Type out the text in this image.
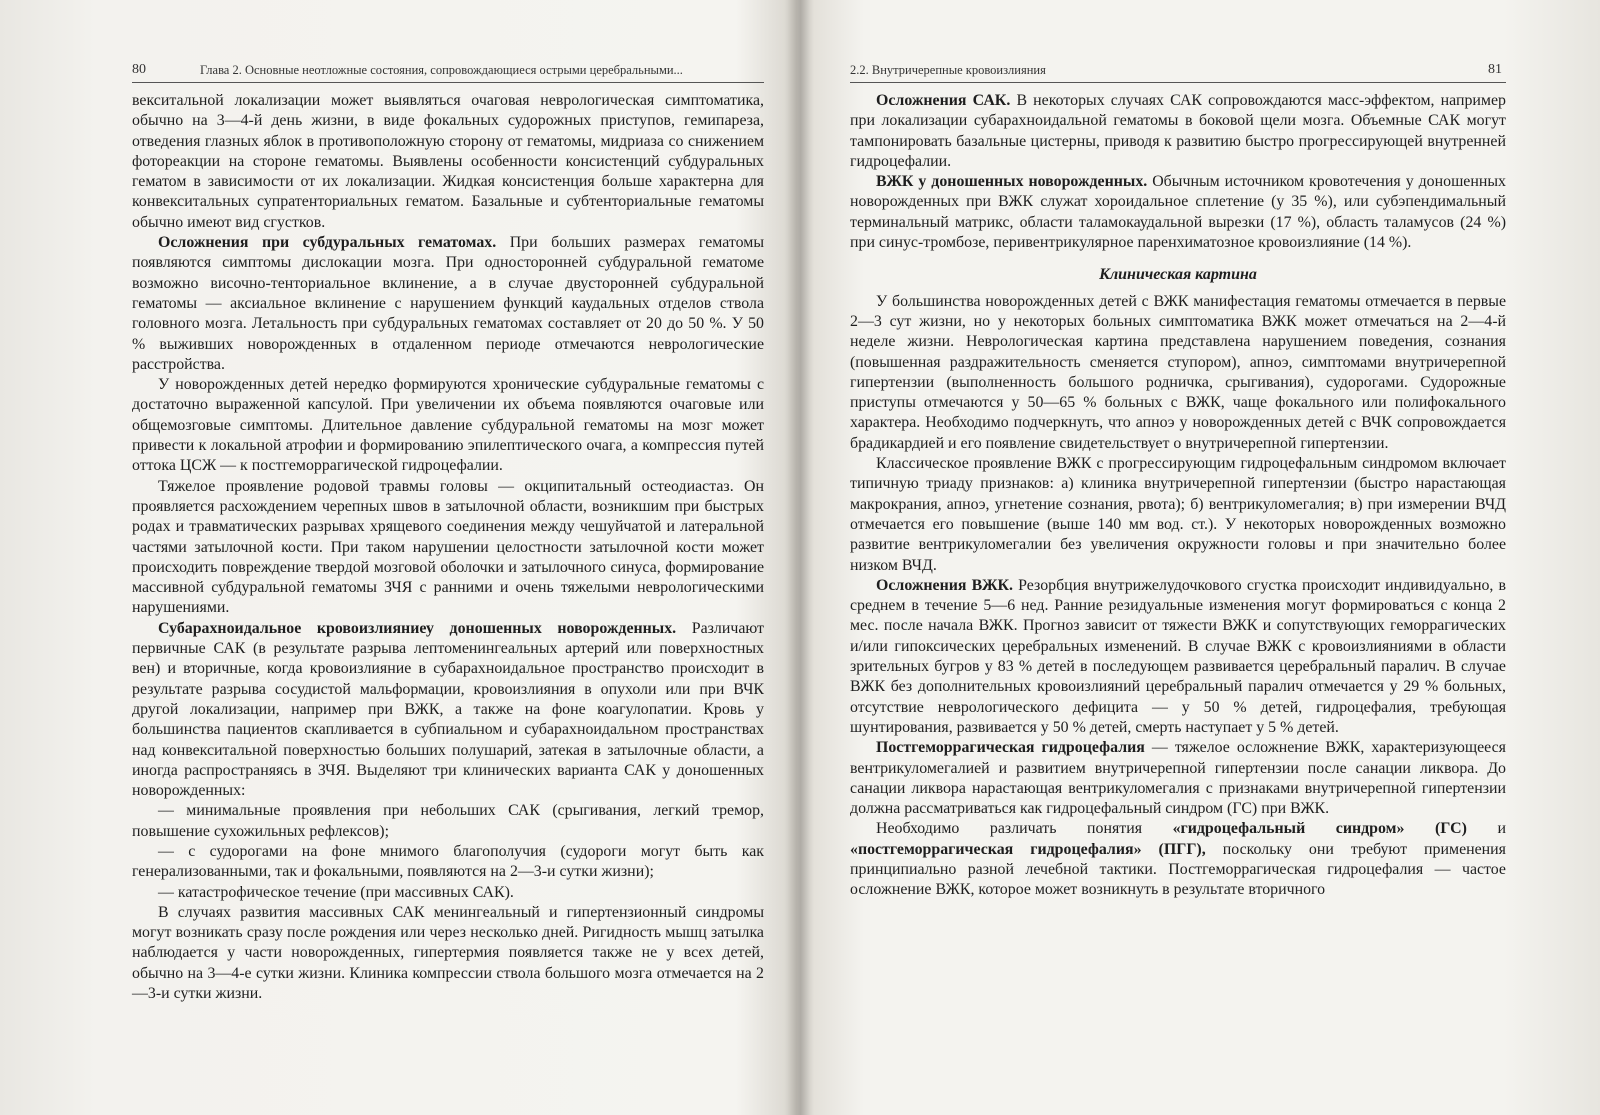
80	Глава 2. Основные неотложные состояния, сопровождающиеся острыми церебральными...

векситальной локализации может выявляться очаговая неврологическая симптоматика, обычно на 3—4-й день жизни, в виде фокальных судорожных приступов, гемипареза, отведения глазных яблок в противоположную сторону от гематомы, мидриаза со снижением фотореакции на стороне гематомы. Выявлены особенности консистенций субдуральных гематом в зависимости от их локализации. Жидкая консистенция больше характерна для конвекситальных супратенториальных гематом. Базальные и субтенториальные гематомы обычно имеют вид сгустков.

Осложнения при субдуральных гематомах. При больших размерах гематомы появляются симптомы дислокации мозга. При односторонней субдуральной гематоме возможно височно-тенториальное вклинение, а в случае двусторонней субдуральной гематомы — аксиальное вклинение с нарушением функций каудальных отделов ствола головного мозга. Летальность при субдуральных гематомах составляет от 20 до 50 %. У 50 % выживших новорожденных в отдаленном периоде отмечаются неврологические расстройства.

У новорожденных детей нередко формируются хронические субдуральные гематомы с достаточно выраженной капсулой. При увеличении их объема появляются очаговые или общемозговые симптомы. Длительное давление субдуральной гематомы на мозг может привести к локальной атрофии и формированию эпилептического очага, а компрессия путей оттока ЦСЖ — к постгеморрагической гидроцефалии.

Тяжелое проявление родовой травмы головы — окципитальный остеодиастаз. Он проявляется расхождением черепных швов в затылочной области, возникшим при быстрых родах и травматических разрывах хрящевого соединения между чешуйчатой и латеральной частями затылочной кости. При таком нарушении целостности затылочной кости может происходить повреждение твердой мозговой оболочки и затылочного синуса, формирование массивной субдуральной гематомы ЗЧЯ с ранними и очень тяжелыми неврологическими нарушениями.

Субарахноидальное кровоизлияниеу доношенных новорожденных. Различают первичные САК (в результате разрыва лептоменингеальных артерий или поверхностных вен) и вторичные, когда кровоизлияние в субарахноидальное пространство происходит в результате разрыва сосудистой мальформации, кровоизлияния в опухоли или при ВЧК другой локализации, например при ВЖК, а также на фоне коагулопатии. Кровь у большинства пациентов скапливается в субпиальном и субарахноидальном пространствах над конвекситальной поверхностью больших полушарий, затекая в затылочные области, а иногда распространяясь в ЗЧЯ. Выделяют три клинических варианта САК у доношенных новорожденных:

— минимальные проявления при небольших САК (срыгивания, легкий тремор, повышение сухожильных рефлексов);

— с судорогами на фоне мнимого благополучия (судороги могут быть как генерализованными, так и фокальными, появляются на 2—3-и сутки жизни);

— катастрофическое течение (при массивных САК).

В случаях развития массивных САК менингеальный и гипертензионный синдромы могут возникать сразу после рождения или через несколько дней. Ригидность мышц затылка наблюдается у части новорожденных, гипертермия появляется также не у всех детей, обычно на 3—4-е сутки жизни. Клиника компрессии ствола большого мозга отмечается на 2—3-и сутки жизни.

2.2. Внутричерепные кровоизлияния	81

Осложнения САК. В некоторых случаях САК сопровождаются масс-эффектом, например при локализации субарахноидальной гематомы в боковой щели мозга. Объемные САК могут тампонировать базальные цистерны, приводя к развитию быстро прогрессирующей внутренней гидроцефалии.

ВЖК у доношенных новорожденных. Обычным источником кровотечения у доношенных новорожденных при ВЖК служат хороидальное сплетение (у 35 %), или субэпендимальный терминальный матрикс, области таламокаудальной вырезки (17 %), область таламусов (24 %) при синус-тромбозе, перивентрикулярное паренхиматозное кровоизлияние (14 %).

Клиническая картина

У большинства новорожденных детей с ВЖК манифестация гематомы отмечается в первые 2—3 сут жизни, но у некоторых больных симптоматика ВЖК может отмечаться на 2—4-й неделе жизни. Неврологическая картина представлена нарушением поведения, сознания (повышенная раздражительность сменяется ступором), апноэ, симптомами внутричерепной гипертензии (выполненность большого родничка, срыгивания), судорогами. Судорожные приступы отмечаются у 50—65 % больных с ВЖК, чаще фокального или полифокального характера. Необходимо подчеркнуть, что апноэ у новорожденных детей с ВЧК сопровождается брадикардией и его появление свидетельствует о внутричерепной гипертензии.

Классическое проявление ВЖК с прогрессирующим гидроцефальным синдромом включает типичную триаду признаков: а) клиника внутричерепной гипертензии (быстро нарастающая макрокрания, апноэ, угнетение сознания, рвота); б) вентрикуломегалия; в) при измерении ВЧД отмечается его повышение (выше 140 мм вод. ст.). У некоторых новорожденных возможно развитие вентрикуломегалии без увеличения окружности головы и при значительно более низком ВЧД.

Осложнения ВЖК. Резорбция внутрижелудочкового сгустка происходит индивидуально, в среднем в течение 5—6 нед. Ранние резидуальные изменения могут формироваться с конца 2 мес. после начала ВЖК. Прогноз зависит от тяжести ВЖК и сопутствующих геморрагических и/или гипоксических церебральных изменений. В случае ВЖК с кровоизлияниями в области зрительных бугров у 83 % детей в последующем развивается церебральный паралич. В случае ВЖК без дополнительных кровоизлияний церебральный паралич отмечается у 29 % больных, отсутствие неврологического дефицита — у 50 % детей, гидроцефалия, требующая шунтирования, развивается у 50 % детей, смерть наступает у 5 % детей.

Постгеморрагическая гидроцефалия — тяжелое осложнение ВЖК, характеризующееся вентрикуломегалией и развитием внутричерепной гипертензии после санации ликвора. До санации ликвора нарастающая вентрикуломегалия с признаками внутричерепной гипертензии должна рассматриваться как гидроцефальный синдром (ГС) при ВЖК.

Необходимо различать понятия «гидроцефальный синдром» (ГС) и «постгеморрагическая гидроцефалия» (ПГГ), поскольку они требуют применения принципиально разной лечебной тактики. Постгеморрагическая гидроцефалия — частое осложнение ВЖК, которое может возникнуть в результате вторичного
